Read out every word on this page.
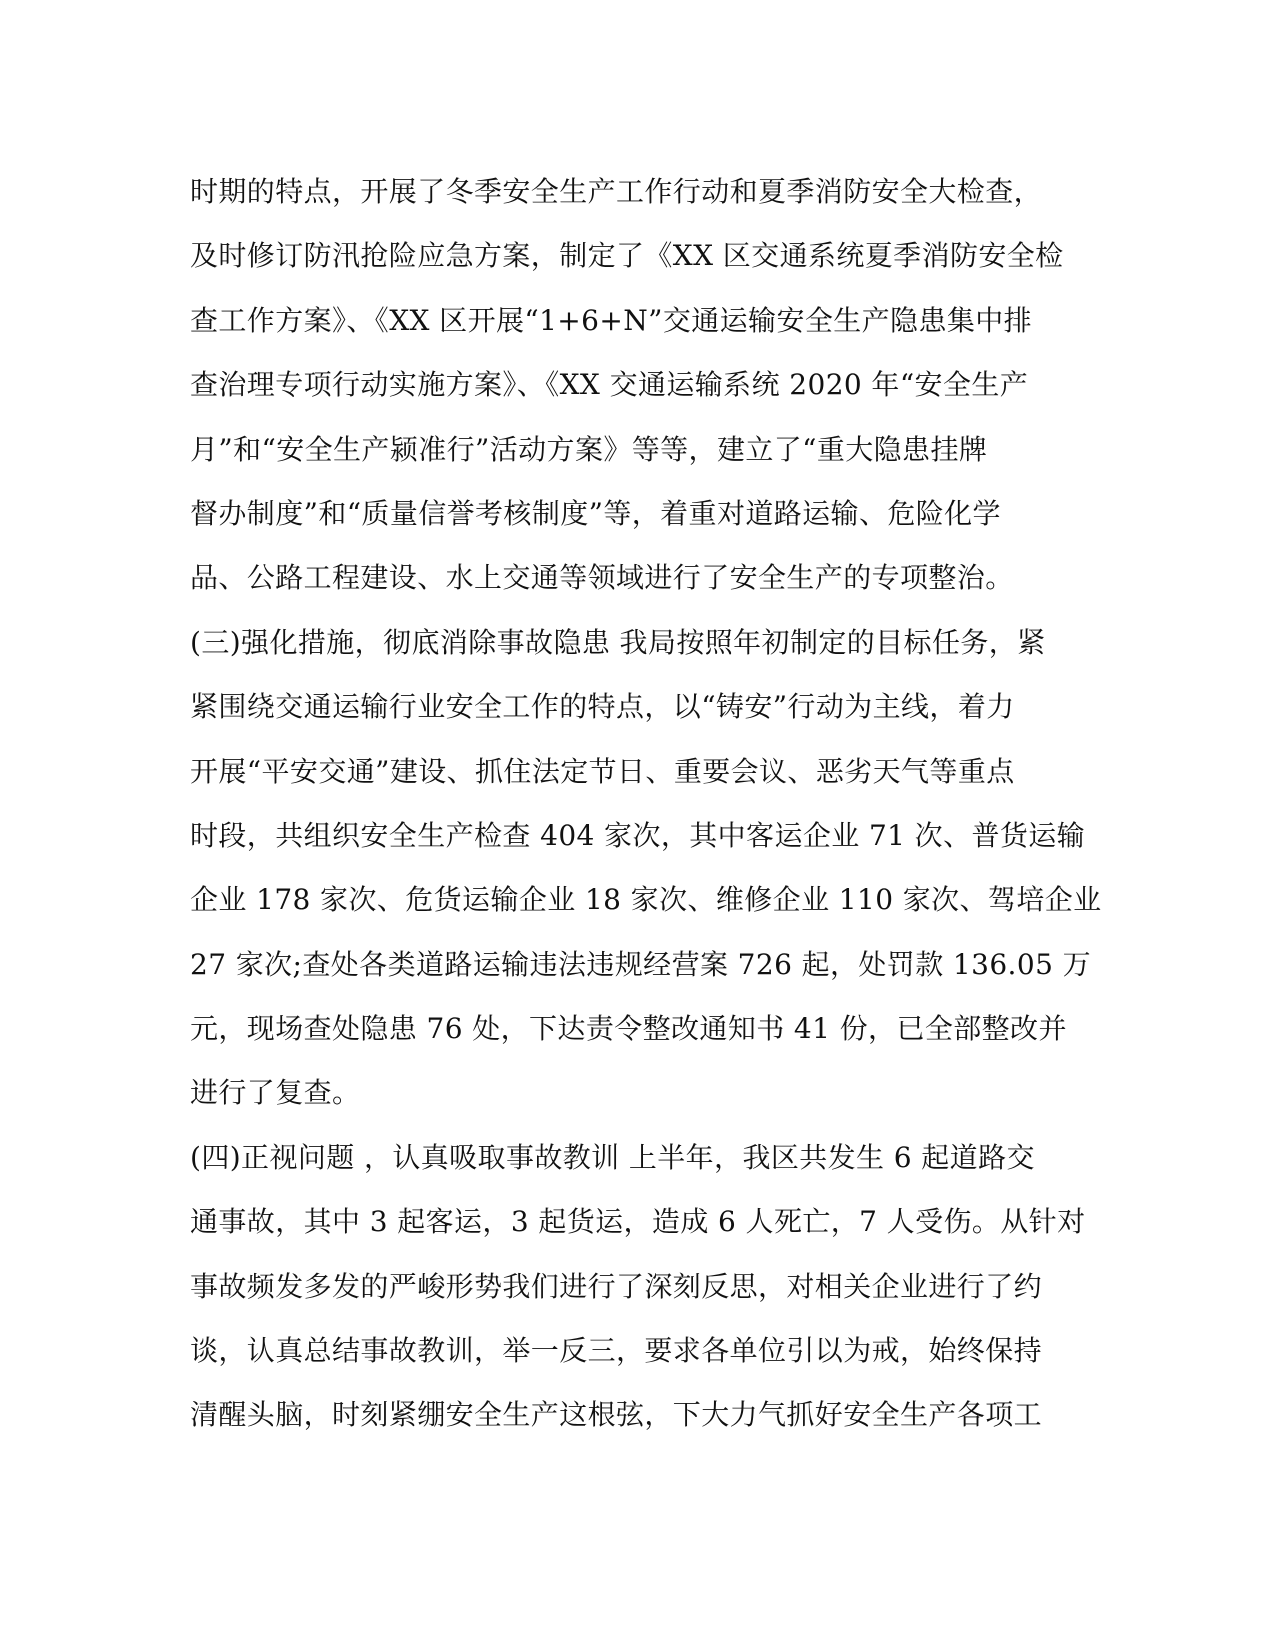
时期的特点，开展了冬季安全生产工作行动和夏季消防安全大检查，
及时修订防汛抢险应急方案，制定了《XX 区交通系统夏季消防安全检
查工作方案》、《XX 区开展“1+6+N”交通运输安全生产隐患集中排
查治理专项行动实施方案》、《XX 交通运输系统 2020 年“安全生产
月”和“安全生产颍准行”活动方案》等等，建立了“重大隐患挂牌
督办制度”和“质量信誉考核制度”等，着重对道路运输、危险化学
品、公路工程建设、水上交通等领域进行了安全生产的专项整治。
(三)强化措施，彻底消除事故隐患 我局按照年初制定的目标任务，紧
紧围绕交通运输行业安全工作的特点，以“铸安”行动为主线，着力
开展“平安交通”建设、抓住法定节日、重要会议、恶劣天气等重点
时段，共组织安全生产检查 404 家次，其中客运企业 71 次、普货运输
企业 178 家次、危货运输企业 18 家次、维修企业 110 家次、驾培企业
27 家次;查处各类道路运输违法违规经营案 726 起，处罚款 136.05 万
元，现场查处隐患 76 处，下达责令整改通知书 41 份，已全部整改并
进行了复查。
(四)正视问题 ，认真吸取事故教训 上半年，我区共发生 6 起道路交
通事故，其中 3 起客运，3 起货运，造成 6 人死亡，7 人受伤。从针对
事故频发多发的严峻形势我们进行了深刻反思，对相关企业进行了约
谈，认真总结事故教训，举一反三，要求各单位引以为戒，始终保持
清醒头脑，时刻紧绷安全生产这根弦，下大力气抓好安全生产各项工
